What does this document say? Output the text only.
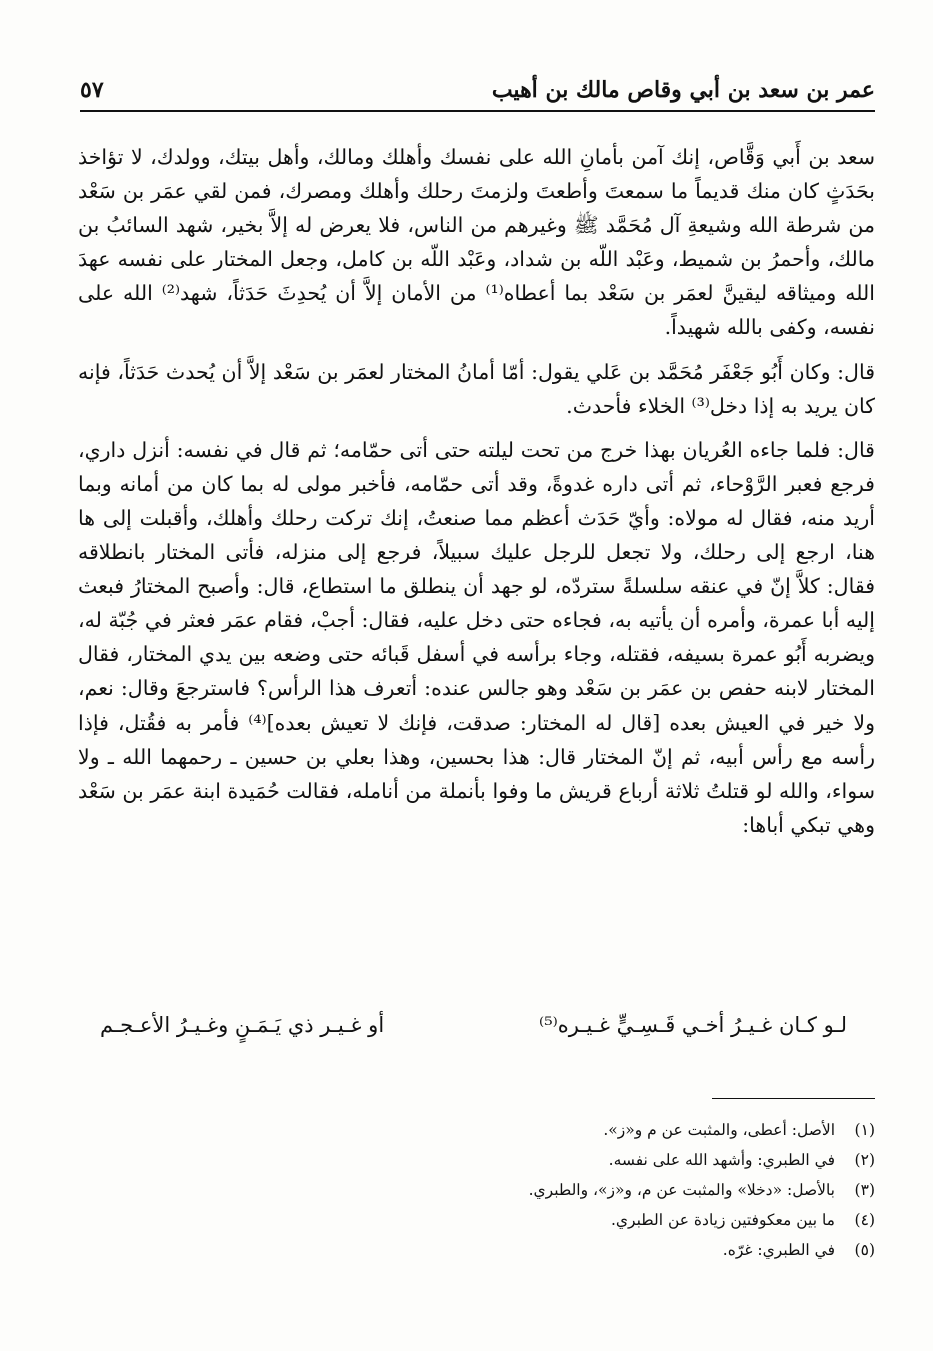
عمر بن سعد بن أبي وقاص مالك بن أهيب
٥٧

سعد بن أَبي وَقَّاص، إنك آمن بأمانِ الله على نفسك وأهلك ومالك، وأهل بيتك، وولدك، لا تؤاخذ بحَدَثٍ كان منك قديماً ما سمعتَ وأطعتَ ولزمتَ رحلك وأهلك ومصرك، فمن لقي عمَر بن سَعْد من شرطة الله وشيعةِ آل مُحَمَّد ﷺ وغيرهم من الناس، فلا يعرض له إلاَّ بخير، شهد السائبُ بن مالك، وأحمرُ بن شميط، وعَبْد اللّه بن شداد، وعَبْد اللّه بن كامل، وجعل المختار على نفسه عهدَ الله وميثاقه ليقينَّ لعمَر بن سَعْد بما أعطاه⁽¹⁾ من الأمان إلاَّ أن يُحدِثَ حَدَثاً، شهد⁽²⁾ الله على نفسه، وكفى بالله شهيداً.

قال: وكان أَبُو جَعْفَر مُحَمَّد بن عَلي يقول: أمّا أمانُ المختار لعمَر بن سَعْد إلاَّ أن يُحدث حَدَثاً، فإنه كان يريد به إذا دخل⁽³⁾ الخلاء فأحدث.

قال: فلما جاءه العُريان بهذا خرج من تحت ليلته حتى أتى حمّامه؛ ثم قال في نفسه: أنزل داري، فرجع فعبر الرَّوْحاء، ثم أتى داره غدوةً، وقد أتى حمّامه، فأخبر مولى له بما كان من أمانه وبما أريد منه، فقال له مولاه: وأيّ حَدَث أعظم مما صنعتُ، إنك تركت رحلك وأهلك، وأقبلت إلى ها هنا، ارجع إلى رحلك، ولا تجعل للرجل عليك سبيلاً، فرجع إلى منزله، فأتى المختار بانطلاقه فقال: كلاَّ إنّ في عنقه سلسلةً ستردّه، لو جهد أن ينطلق ما استطاع، قال: وأصبح المختارُ فبعث إليه أبا عمرة، وأمره أن يأتيه به، فجاءه حتى دخل عليه، فقال: أجبْ، فقام عمَر فعثر في جُبّة له، ويضربه أَبُو عمرة بسيفه، فقتله، وجاء برأسه في أسفل قَبائه حتى وضعه بين يدي المختار، فقال المختار لابنه حفص بن عمَر بن سَعْد وهو جالس عنده: أتعرف هذا الرأس؟ فاسترجعَ وقال: نعم، ولا خير في العيش بعده [قال له المختار: صدقت، فإنك لا تعيش بعده]⁽⁴⁾ فأمر به فقُتل، فإذا رأسه مع رأس أبيه، ثم إنّ المختار قال: هذا بحسين، وهذا بعلي بن حسين ـ رحمهما الله ـ ولا سواء، والله لو قتلتُ ثلاثة أرباع قريش ما وفوا بأنملة من أنامله، فقالت حُمَيدة ابنة عمَر بن سَعْد وهي تبكي أباها:

لـو كـان غـيـرُ أخـي قَـسِـيٍّ غـيـره⁽⁵⁾
أو غـيـر ذي يَـمَـنٍ وغـيـرُ الأعـجـم
(١)
الأصل: أعطى، والمثبت عن م و«ز».
(٢)
في الطبري: وأشهد الله على نفسه.
(٣)
بالأصل: «دخلا» والمثبت عن م، و«ز»، والطبري.
(٤)
ما بين معكوفتين زيادة عن الطبري.
(٥)
في الطبري: غرّه.
